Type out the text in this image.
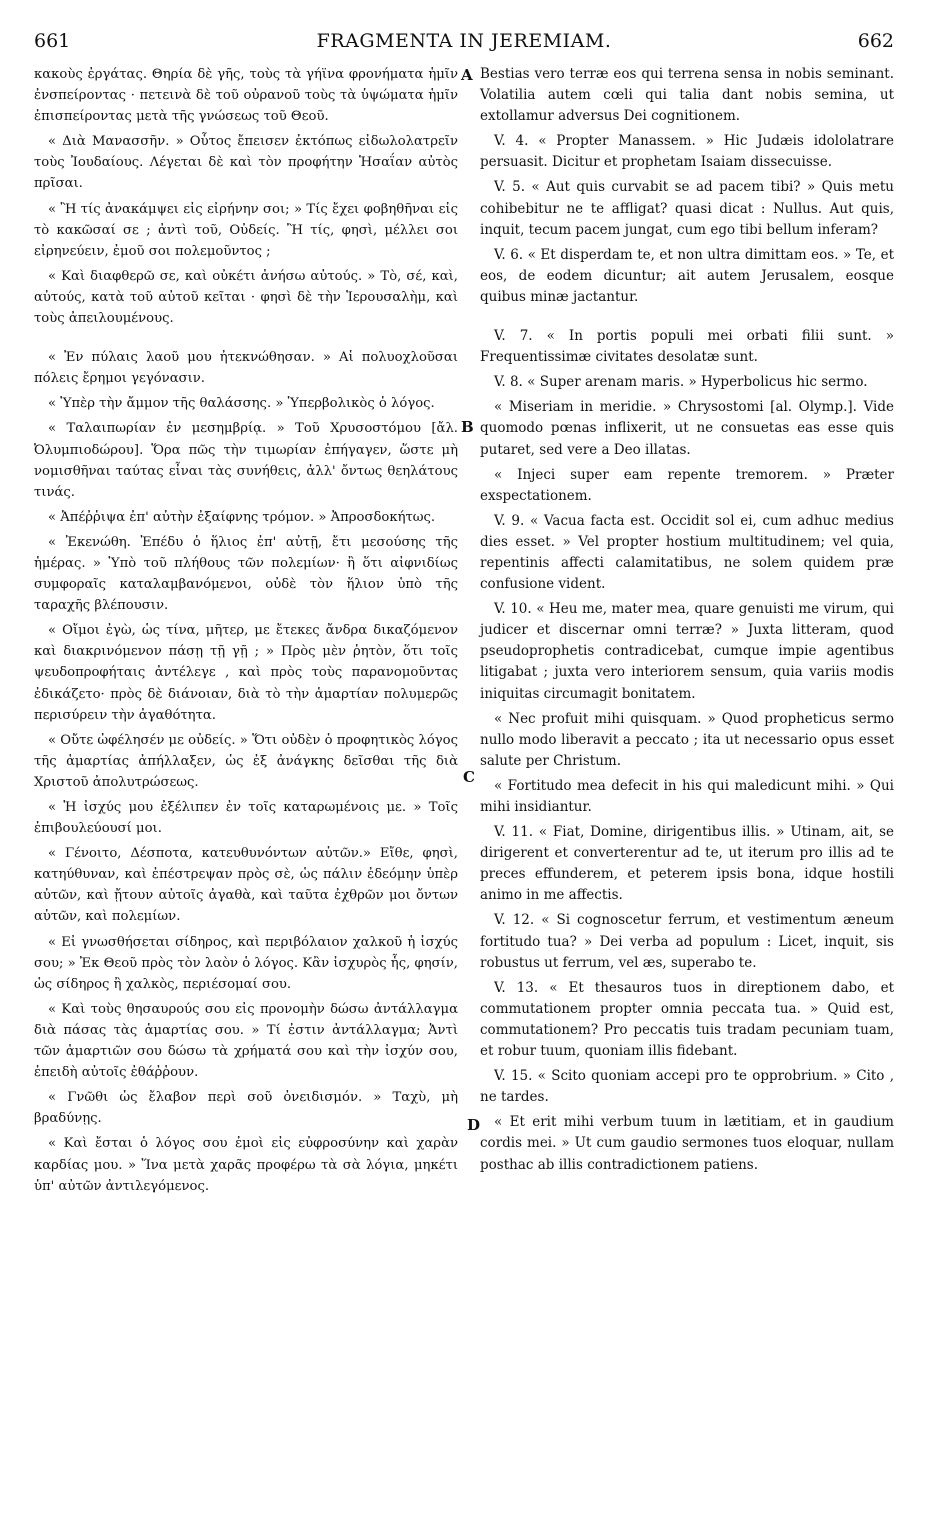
661	FRAGMENTA IN JEREMIAM.	662
A
B
C
D

κακοὺς ἐργάτας. Θηρία δὲ γῆς, τοὺς τὰ γήϊνα φρονήματα ἡμῖν ἐνσπείροντας · πετεινὰ δὲ τοῦ οὐρανοῦ τοὺς τὰ ὑψώματα ἡμῖν ἐπισπείροντας μετὰ τῆς γνώσεως τοῦ Θεοῦ.

« Διὰ Μανασσῆν. » Οὗτος ἔπεισεν ἐκτόπως εἰδωλολατρεῖν τοὺς Ἰουδαίους. Λέγεται δὲ καὶ τὸν προφήτην Ἡσαΐαν αὐτὸς πρῖσαι.

« Ἢ τίς ἀνακάμψει εἰς εἰρήνην σοι; » Τίς ἔχει φοβηθῆναι εἰς τὸ κακῶσαί σε ; ἀντὶ τοῦ, Οὐδείς. Ἢ τίς, φησὶ, μέλλει σοι εἰρηνεύειν, ἐμοῦ σοι πολεμοῦντος ;

« Καὶ διαφθερῶ σε, καὶ οὐκέτι ἀνήσω αὐτούς. » Τὸ, σέ, καὶ, αὐτούς, κατὰ τοῦ αὐτοῦ κεῖται · φησὶ δὲ τὴν Ἱερουσαλὴμ, καὶ τοὺς ἀπειλουμένους.

« Ἐν πύλαις λαοῦ μου ἠτεκνώθησαν. » Αἱ πολυοχλοῦσαι πόλεις ἔρημοι γεγόνασιν.

« Ὑπὲρ τὴν ἄμμον τῆς θαλάσσης. » Ὑπερβολικὸς ὁ λόγος.

« Ταλαιπωρίαν ἐν μεσημβρίᾳ. » Τοῦ Χρυσοστόμου [ἄλ. Ὀλυμπιοδώρου]. Ὅρα πῶς τὴν τιμωρίαν ἐπήγαγεν, ὥστε μὴ νομισθῆναι ταύτας εἶναι τὰς συνήθεις, ἀλλ' ὄντως θεηλάτους τινάς.

« Ἀπέῤῥιψα ἐπ' αὐτὴν ἐξαίφνης τρόμον. » Ἀπροσδοκήτως.

« Ἐκενώθη. Ἐπέδυ ὁ ἥλιος ἐπ' αὐτῇ, ἔτι μεσούσης τῆς ἡμέρας. » Ὑπὸ τοῦ πλήθους τῶν πολεμίων· ἢ ὅτι αἰφνιδίως συμφοραῖς καταλαμβανόμενοι, οὐδὲ τὸν ἥλιον ὑπὸ τῆς ταραχῆς βλέπουσιν.

« Οἴμοι ἐγὼ, ὡς τίνα, μῆτερ, με ἔτεκες ἄνδρα δικαζόμενον καὶ διακρινόμενον πάσῃ τῇ γῇ ; » Πρὸς μὲν ῥητὸν, ὅτι τοῖς ψευδοπροφήταις ἀντέλεγε , καὶ πρὸς τοὺς παρανομοῦντας ἐδικάζετο· πρὸς δὲ διάνοιαν, διὰ τὸ τὴν ἁμαρτίαν πολυμερῶς περισύρειν τὴν ἀγαθότητα.

« Οὔτε ὠφέλησέν με οὐδείς. » Ὅτι οὐδὲν ὁ προφητικὸς λόγος τῆς ἁμαρτίας ἀπήλλαξεν, ὡς ἐξ ἀνάγκης δεῖσθαι τῆς διὰ Χριστοῦ ἀπολυτρώσεως.

« Ἡ ἰσχύς μου ἐξέλιπεν ἐν τοῖς καταρωμένοις με. » Τοῖς ἐπιβουλεύουσί μοι.

« Γένοιτο, Δέσποτα, κατευθυνόντων αὐτῶν.» Εἴθε, φησὶ, κατηύθυναν, καὶ ἐπέστρεψαν πρὸς σὲ, ὡς πάλιν ἐδεόμην ὑπὲρ αὐτῶν, καὶ ᾔτουν αὐτοῖς ἀγαθὰ, καὶ ταῦτα ἐχθρῶν μοι ὄντων αὐτῶν, καὶ πολεμίων.

« Εἰ γνωσθήσεται σίδηρος, καὶ περιβόλαιον χαλκοῦ ἡ ἰσχύς σου; » Ἐκ Θεοῦ πρὸς τὸν λαὸν ὁ λόγος. Κἂν ἰσχυρὸς ἧς, φησίν, ὡς σίδηρος ἢ χαλκὸς, περιέσομαί σου.

« Καὶ τοὺς θησαυρούς σου εἰς προνομὴν δώσω ἀντάλλαγμα διὰ πάσας τὰς ἁμαρτίας σου. » Τί ἐστιν ἀντάλλαγμα; Ἀντὶ τῶν ἁμαρτιῶν σου δώσω τὰ χρήματά σου καὶ τὴν ἰσχύν σου, ἐπειδὴ αὐτοῖς ἐθάῤῥουν.

« Γνῶθι ὡς ἔλαβον περὶ σοῦ ὀνειδισμόν. » Ταχὺ, μὴ βραδύνῃς.

« Καὶ ἔσται ὁ λόγος σου ἐμοὶ εἰς εὐφροσύνην καὶ χαρὰν καρδίας μου. » Ἵνα μετὰ χαρᾶς προφέρω τὰ σὰ λόγια, μηκέτι ὑπ' αὐτῶν ἀντιλεγόμενος.

Bestias vero terræ eos qui terrena sensa in nobis seminant. Volatilia autem cœli qui talia dant nobis semina, ut extollamur adversus Dei cognitionem.

V. 4. « Propter Manassem. » Hic Judæis idololatrare persuasit. Dicitur et prophetam Isaiam dissecuisse.

V. 5. « Aut quis curvabit se ad pacem tibi? » Quis metu cohibebitur ne te affligat? quasi dicat : Nullus. Aut quis, inquit, tecum pacem jungat, cum ego tibi bellum inferam?

V. 6. « Et disperdam te, et non ultra dimittam eos. » Te, et eos, de eodem dicuntur; ait autem Jerusalem, eosque quibus minæ jactantur.

V. 7. « In portis populi mei orbati filii sunt. » Frequentissimæ civitates desolatæ sunt.

V. 8. « Super arenam maris. » Hyperbolicus hic sermo.

« Miseriam in meridie. » Chrysostomi [al. Olymp.]. Vide quomodo pœnas inflixerit, ut ne consuetas eas esse quis putaret, sed vere a Deo illatas.

« Injeci super eam repente tremorem. » Præter exspectationem.

V. 9. « Vacua facta est. Occidit sol ei, cum adhuc medius dies esset. » Vel propter hostium multitudinem; vel quia, repentinis affecti calamitatibus, ne solem quidem præ confusione vident.

V. 10. « Heu me, mater mea, quare genuisti me virum, qui judicer et discernar omni terræ? » Juxta litteram, quod pseudoprophetis contradicebat, cumque impie agentibus litigabat ; juxta vero interiorem sensum, quia variis modis iniquitas circumagit bonitatem.

« Nec profuit mihi quisquam. » Quod propheticus sermo nullo modo liberavit a peccato ; ita ut necessario opus esset salute per Christum.

« Fortitudo mea defecit in his qui maledicunt mihi. » Qui mihi insidiantur.

V. 11. « Fiat, Domine, dirigentibus illis. » Utinam, ait, se dirigerent et converterentur ad te, ut iterum pro illis ad te preces effunderem, et peterem ipsis bona, idque hostili animo in me affectis.

V. 12. « Si cognoscetur ferrum, et vestimentum æneum fortitudo tua? » Dei verba ad populum : Licet, inquit, sis robustus ut ferrum, vel æs, superabo te.

V. 13. « Et thesauros tuos in direptionem dabo, et commutationem propter omnia peccata tua. » Quid est, commutationem? Pro peccatis tuis tradam pecuniam tuam, et robur tuum, quoniam illis fidebant.

V. 15. « Scito quoniam accepi pro te opprobrium. » Cito , ne tardes.

« Et erit mihi verbum tuum in lætitiam, et in gaudium cordis mei. » Ut cum gaudio sermones tuos eloquar, nullam posthac ab illis contradictionem patiens.
